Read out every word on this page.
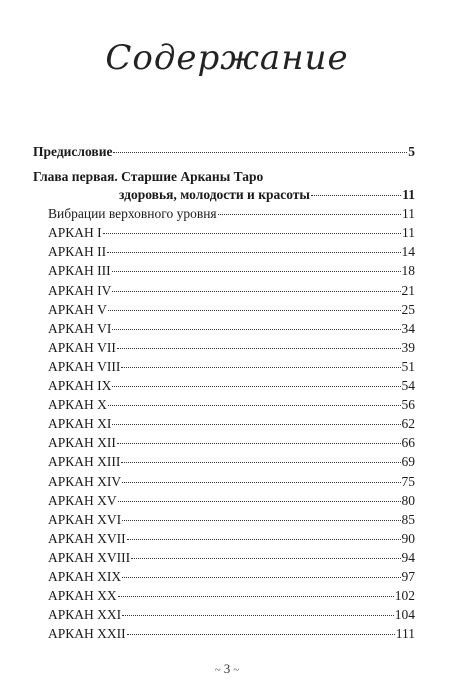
Содержание
Предисловие	5
Глава первая. Старшие Арканы Таро
здоровья, молодости и красоты	11
Вибрации верховного уровня	11
АРКАН I	11
АРКАН II	14
АРКАН III	18
АРКАН IV	21
АРКАН V	25
АРКАН VI	34
АРКАН VII	39
АРКАН VIII	51
АРКАН IX	54
АРКАН X	56
АРКАН XI	62
АРКАН XII	66
АРКАН XIII	69
АРКАН XIV	75
АРКАН XV	80
АРКАН XVI	85
АРКАН XVII	90
АРКАН XVIII	94
АРКАН XIX	97
АРКАН XX	102
АРКАН XXI	104
АРКАН XXII	111
~ 3 ~
